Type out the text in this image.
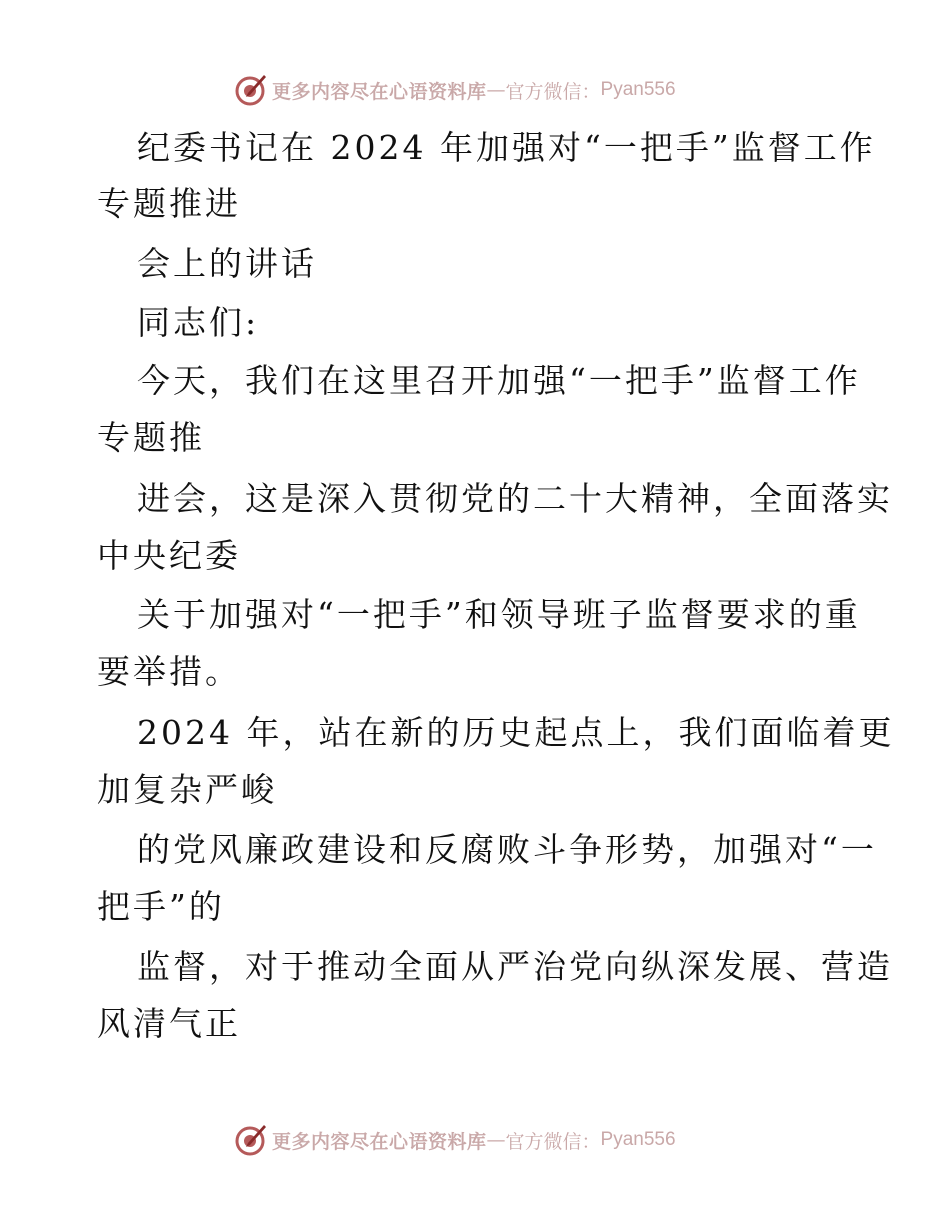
更多内容尽在心语资料库 — 官方微信： Pyan556
纪委书记在 2024 年加强对“一把手”监督工作
专题推进
会上的讲话
同志们:
今天，我们在这里召开加强“一把手”监督工作
专题推
进会，这是深入贯彻党的二十大精神，全面落实
中央纪委
关于加强对“一把手”和领导班子监督要求的重
要举措。
2024 年，站在新的历史起点上，我们面临着更
加复杂严峻
的党风廉政建设和反腐败斗争形势，加强对“一
把手”的
监督，对于推动全面从严治党向纵深发展、营造
风清气正
更多内容尽在心语资料库 — 官方微信： Pyan556
